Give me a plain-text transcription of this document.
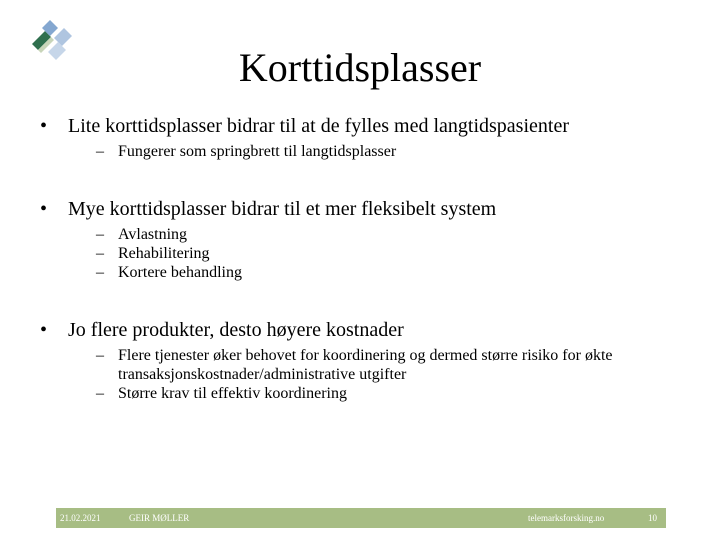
Korttidsplasser
•	Lite korttidsplasser bidrar til at de fylles med langtidspasienter
– Fungerer som springbrett til langtidsplasser
•	Mye korttidsplasser bidrar til et mer fleksibelt system
– Avlastning
– Rehabilitering
– Kortere behandling
•	Jo flere produkter, desto høyere kostnader
– Flere tjenester øker behovet for koordinering og dermed større risiko for økte transaksjonskostnader/administrative utgifter
– Større krav til effektiv koordinering
21.02.2021	GEIR MØLLER	telemarksforsking.no	10
